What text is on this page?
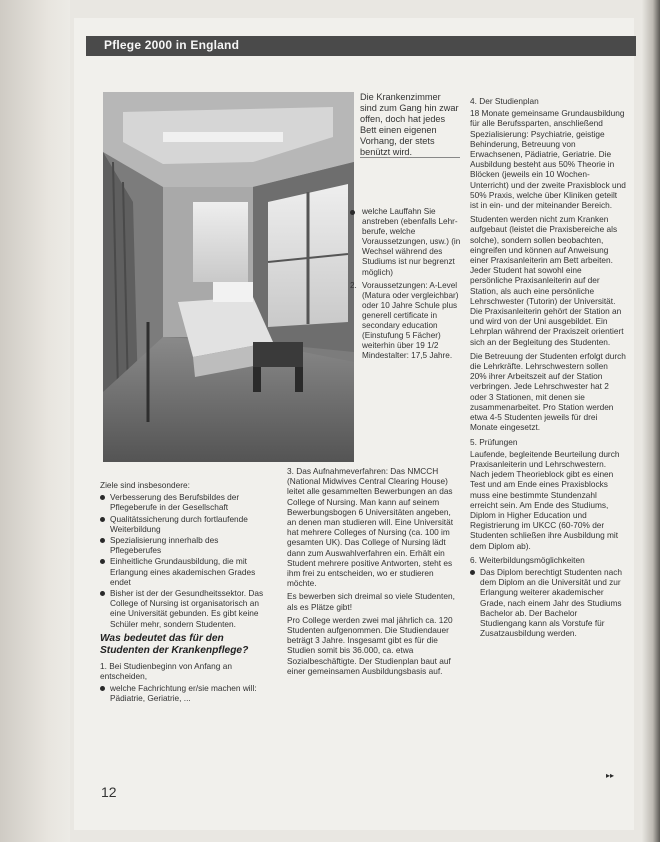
Pflege 2000 in England
Die Krankenzimmer sind zum Gang hin zwar offen, doch hat jedes Bett einen eigenen Vorhang, der stets benützt wird.
welche Lauffahn Sie anstreben (ebenfalls Lehrberufe, welche Voraussetzungen, usw.) (in Wechsel während des Studiums ist nur begrenzt möglich)
2. Voraussetzungen: A-Level (Matura oder vergleichbar) oder 10 Jahre Schule plus generell certificate in secondary education (Einstufung 5 Fächer) weiterhin über 19 1/2 Mindestalter: 17,5 Jahre.

Ziele sind insbesondere:

Verbesserung des Berufsbildes der Pflegeberufe in der Gesellschaft
Qualitätssicherung durch fortlaufende Weiterbildung
Spezialisierung innerhalb des Pflegeberufes
Einheitliche Grundausbildung, die mit Erlangung eines akademischen Grades endet
Bisher ist der der Gesundheitssektor. Das College of Nursing ist organisatorisch an eine Universität gebunden. Es gibt keine Schüler mehr, sondern Studenten.
Was bedeutet das für den Studenten der Krankenpflege?

1. Bei Studienbeginn von Anfang an entscheiden,

welche Fachrichtung er/sie machen will: Pädiatrie, Geriatrie, ...

3. Das Aufnahmeverfahren: Das NMCCH (National Midwives Central Clearing House) leitet alle gesammelten Bewerbungen an das College of Nursing. Man kann auf seinem Bewerbungsbogen 6 Universitäten angeben, an denen man studieren will. Eine Universität hat mehrere Colleges of Nursing (ca. 100 im gesamten UK). Das College of Nursing lädt dann zum Auswahlverfahren ein. Erhält ein Student mehrere positive Antworten, steht es ihm frei zu entscheiden, wo er studieren möchte.

Es bewerben sich dreimal so viele Studenten, als es Plätze gibt!

Pro College werden zwei mal jährlich ca. 120 Studenten aufgenommen. Die Studiendauer beträgt 3 Jahre. Insgesamt gibt es für die Studien somit bis 36.000, ca. etwa Sozialbeschäftigte. Der Studienplan baut auf einer gemeinsamen Ausbildungsbasis auf.

4. Der Studienplan

18 Monate gemeinsame Grundausbildung für alle Berufssparten, anschließend Spezialisierung: Psychiatrie, geistige Behinderung, Betreuung von Erwachsenen, Pädiatrie, Geriatrie. Die Ausbildung besteht aus 50% Theorie in Blöcken (jeweils ein 10 Wochen-Unterricht) und der zweite Praxisblock und 50% Praxis, welche über Kliniken geteilt ist in ein- und der miteinander Bereich.

Studenten werden nicht zum Kranken aufgebaut (leistet die Praxisbereiche als solche), sondern sollen beobachten, eingreifen und können auf Anweisung einer Praxisanleiterin am Bett arbeiten. Jeder Student hat sowohl eine persönliche Praxisanleiterin auf der Station, als auch eine persönliche Lehrschwester (Tutorin) der Universität. Die Praxisanleiterin gehört der Station an und wird von der Uni ausgebildet. Ein Lehrplan während der Praxiszeit orientiert sich an der Begleitung des Studenten.

Die Betreuung der Studenten erfolgt durch die Lehrkräfte. Lehrschwestern sollen 20% ihrer Arbeitszeit auf der Station verbringen. Jede Lehrschwester hat 2 oder 3 Stationen, mit denen sie zusammenarbeitet. Pro Station werden etwa 4-5 Studenten jeweils für drei Monate eingesetzt.

5. Prüfungen

Laufende, begleitende Beurteilung durch Praxisanleiterin und Lehrschwestern. Nach jedem Theorieblock gibt es einen Test und am Ende eines Praxisblocks muss eine bestimmte Stundenzahl erreicht sein. Am Ende des Studiums, Diplom in Higher Education und Registrierung im UKCC (60-70% der Studenten schließen ihre Ausbildung mit dem Diplom ab).

6. Weiterbildungsmöglichkeiten
Das Diplom berechtigt Studenten nach dem Diplom an die Universität und zur Erlangung weiterer akademischer Grade, nach einem Jahr des Studiums Bachelor ab. Der Bachelor Studiengang kann als Vorstufe für Zusatzausbildung werden.
▸▸
12
